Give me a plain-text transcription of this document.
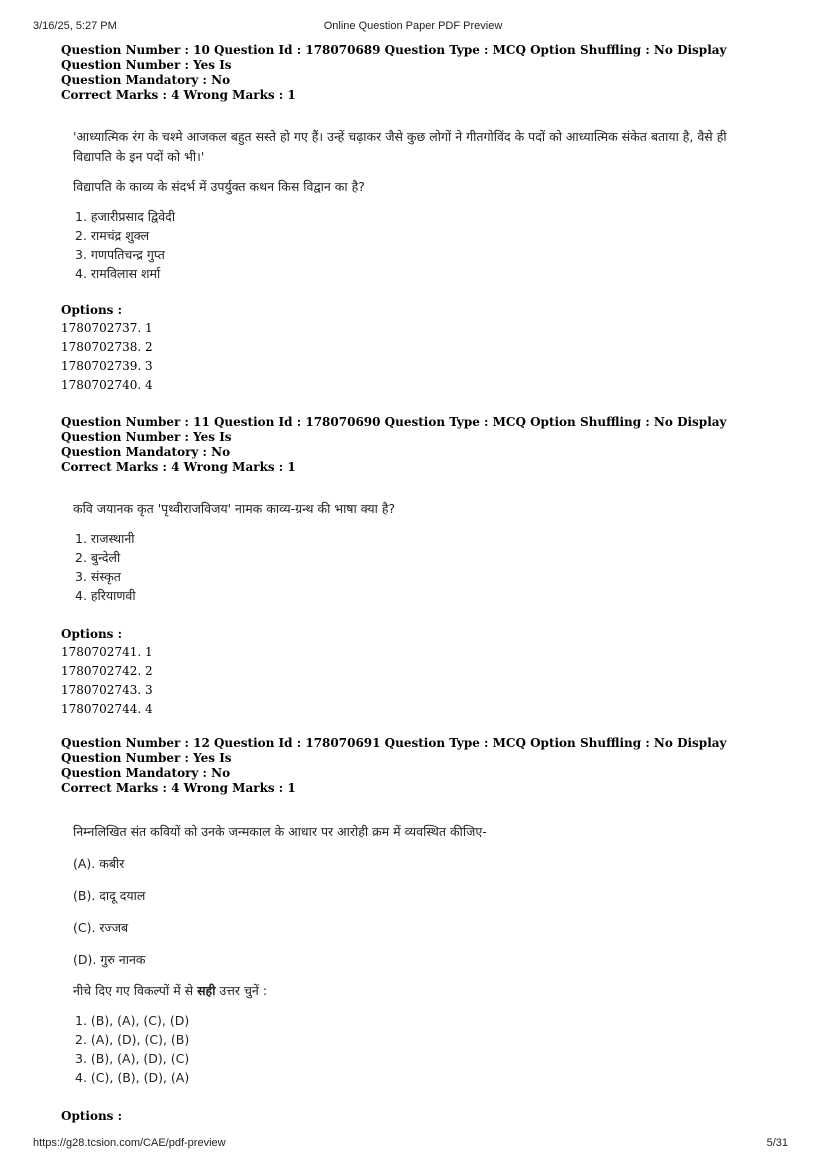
3/16/25, 5:27 PM	Online Question Paper PDF Preview
Question Number : 10 Question Id : 178070689 Question Type : MCQ Option Shuffling : No Display Question Number : Yes Is
Question Mandatory : No
Correct Marks : 4 Wrong Marks : 1
'आध्यात्मिक रंग के चश्मे आजकल बहुत सस्ते हो गए हैं। उन्हें चढ़ाकर जैसे कुछ लोगों ने गीतगोविंद के पदों को आध्यात्मिक संकेत बताया है, वैसे ही विद्यापति के इन पदों को भी।'
विद्यापति के काव्य के संदर्भ में उपर्युक्त कथन किस विद्वान का है?
1. हजारीप्रसाद द्विवेदी
2. रामचंद्र शुक्ल
3. गणपतिचन्द्र गुप्त
4. रामविलास शर्मा
Options :
1780702737. 1
1780702738. 2
1780702739. 3
1780702740. 4
Question Number : 11 Question Id : 178070690 Question Type : MCQ Option Shuffling : No Display Question Number : Yes Is
Question Mandatory : No
Correct Marks : 4 Wrong Marks : 1
कवि जयानक कृत 'पृथ्वीराजविजय' नामक काव्य-ग्रन्थ की भाषा क्या है?
1. राजस्थानी
2. बुन्देली
3. संस्कृत
4. हरियाणवी
Options :
1780702741. 1
1780702742. 2
1780702743. 3
1780702744. 4
Question Number : 12 Question Id : 178070691 Question Type : MCQ Option Shuffling : No Display Question Number : Yes Is
Question Mandatory : No
Correct Marks : 4 Wrong Marks : 1
निम्नलिखित संत कवियों को उनके जन्मकाल के आधार पर आरोही क्रम में व्यवस्थित कीजिए-
(A). कबीर
(B). दादू दयाल
(C). रज्जब
(D). गुरु नानक
नीचे दिए गए विकल्पों में से सही उत्तर चुनें :
1. (B), (A), (C), (D)
2. (A), (D), (C), (B)
3. (B), (A), (D), (C)
4. (C), (B), (D), (A)
Options :
https://g28.tcsion.com/CAE/pdf-preview	5/31
